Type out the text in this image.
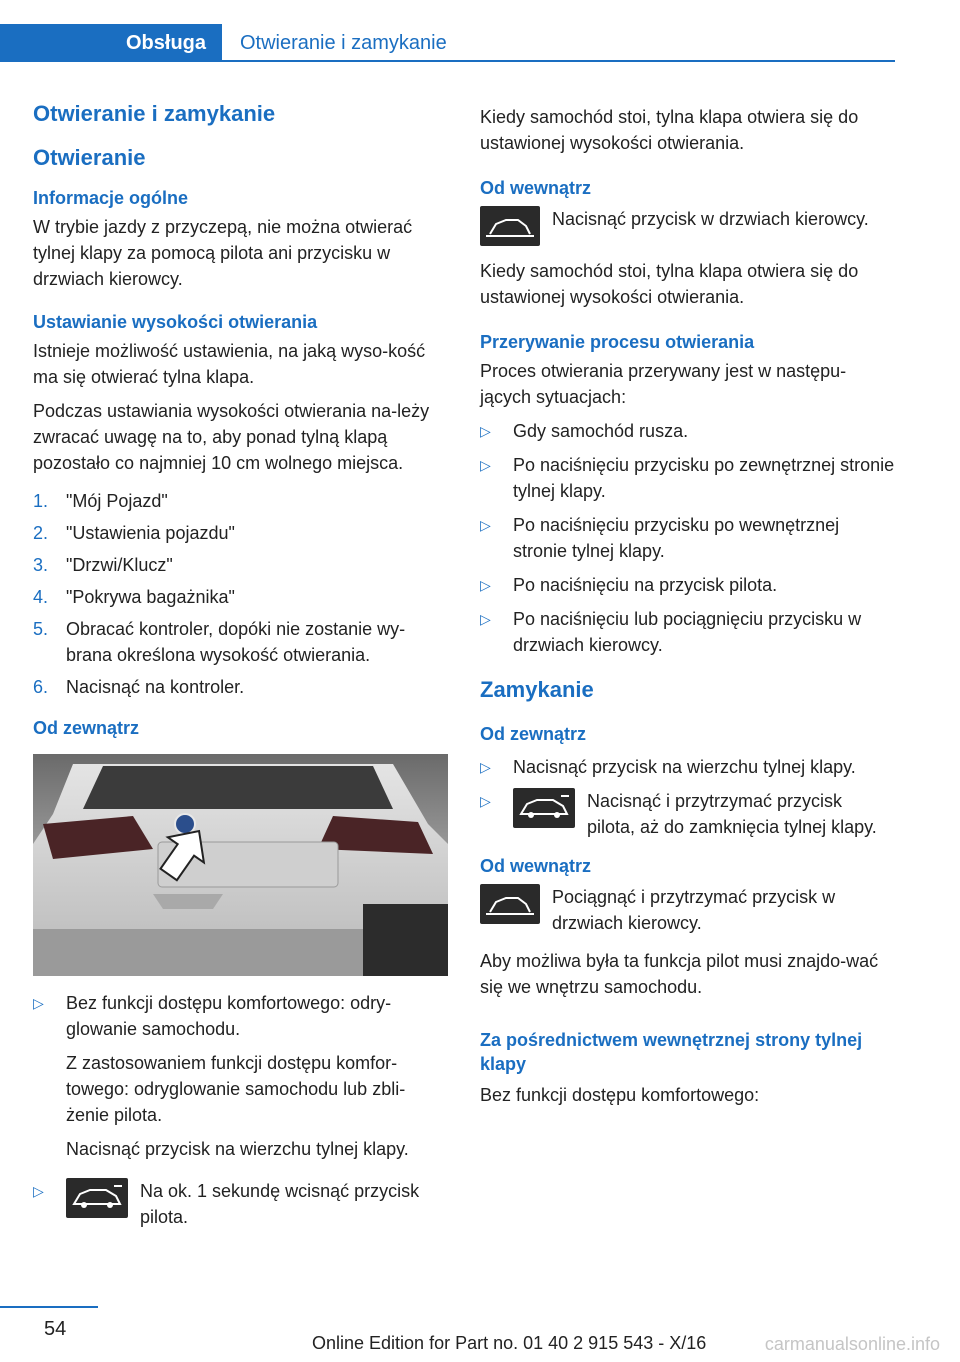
Obsługa	Otwieranie i zamykanie
Otwieranie i zamykanie
Otwieranie
Informacje ogólne

W trybie jazdy z przyczepą, nie można otwierać tylnej klapy za pomocą pilota ani przycisku w drzwiach kierowcy.

Ustawianie wysokości otwierania

Istnieje możliwość ustawienia, na jaką wyso-kość ma się otwierać tylna klapa.

Podczas ustawiania wysokości otwierania na-leży zwracać uwagę na to, aby ponad tylną klapą pozostało co najmniej 10 cm wolnego miejsca.

1. "Mój Pojazd"
2. "Ustawienia pojazdu"
3. "Drzwi/Klucz"
4. "Pokrywa bagażnika"
5. Obracać kontroler, dopóki nie zostanie wy-brana określona wysokość otwierania.
6. Nacisnąć na kontroler.
Od zewnątrz
▷ Bez funkcji dostępu komfortowego: odry-glowanie samochodu.

Z zastosowaniem funkcji dostępu komfor-towego: odryglowanie samochodu lub zbli-żenie pilota.

Nacisnąć przycisk na wierzchu tylnej klapy.

▷	Na ok. 1 sekundę wcisnąć przycisk pilota.

Kiedy samochód stoi, tylna klapa otwiera się do ustawionej wysokości otwierania.

Od wewnątrz
Nacisnąć przycisk w drzwiach kierowcy.

Kiedy samochód stoi, tylna klapa otwiera się do ustawionej wysokości otwierania.

Przerywanie procesu otwierania

Proces otwierania przerywany jest w następu-jących sytuacjach:

▷ Gdy samochód rusza.
▷ Po naciśnięciu przycisku po zewnętrznej stronie tylnej klapy.
▷ Po naciśnięciu przycisku po wewnętrznej stronie tylnej klapy.
▷ Po naciśnięciu na przycisk pilota.
▷ Po naciśnięciu lub pociągnięciu przycisku w drzwiach kierowcy.
Zamykanie
Od zewnątrz
▷ Nacisnąć przycisk na wierzchu tylnej klapy.
▷	Nacisnąć i przytrzymać przycisk pilota, aż do zamknięcia tylnej klapy.
Od wewnątrz
Pociągnąć i przytrzymać przycisk w drzwiach kierowcy.

Aby możliwa była ta funkcja pilot musi znajdo-wać się we wnętrzu samochodu.

Za pośrednictwem wewnętrznej strony tylnej klapy

Bez funkcji dostępu komfortowego:

54
Online Edition for Part no. 01 40 2 915 543 - X/16	carmanualsonline.info
